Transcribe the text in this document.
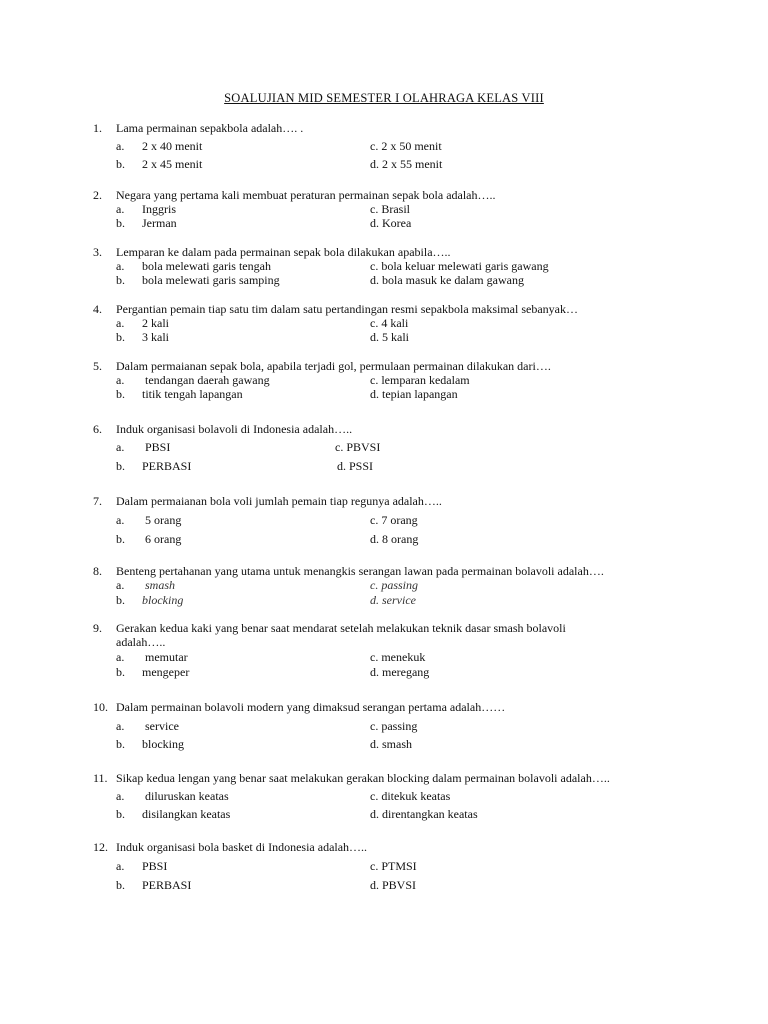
SOALUJIAN MID SEMESTER I OLAHRAGA KELAS VIII
1. Lama permainan sepakbola adalah…. .
a. 2 x 40 menit	c. 2 x 50 menit
b. 2 x 45 menit	d. 2 x 55 menit
2. Negara yang pertama kali membuat peraturan permainan sepak bola adalah…..
a. Inggris	c. Brasil
b. Jerman	d. Korea
3. Lemparan ke dalam pada permainan sepak bola dilakukan apabila…..
a. bola melewati garis tengah	c. bola keluar melewati garis gawang
b. bola melewati garis samping	d. bola masuk ke dalam gawang
4. Pergantian pemain tiap satu tim dalam satu pertandingan resmi sepakbola maksimal sebanyak…
a. 2 kali	c. 4 kali
b. 3 kali	d. 5 kali
5. Dalam permaianan sepak bola, apabila terjadi gol, permulaan permainan dilakukan dari….
a. tendangan daerah gawang	c. lemparan kedalam
b. titik tengah lapangan	d. tepian lapangan
6. Induk organisasi bolavoli di Indonesia adalah…..
a. PBSI	c. PBVSI
b. PERBASI	d. PSSI
7. Dalam permaianan bola voli jumlah pemain tiap regunya adalah…..
a. 5 orang	c. 7 orang
b. 6 orang	d. 8 orang
8. Benteng pertahanan yang utama untuk menangkis serangan lawan pada permainan bolavoli adalah….
a. smash	c. passing
b. blocking	d. service
9. Gerakan kedua kaki yang benar saat mendarat setelah melakukan teknik dasar smash bolavoli
adalah…..
a. memutar	c. menekuk
b. mengeper	d. meregang
10. Dalam permainan bolavoli modern yang dimaksud serangan pertama adalah……
a. service	c. passing
b. blocking	d. smash
11. Sikap kedua lengan yang benar saat melakukan gerakan blocking dalam permainan bolavoli adalah…..
a. diluruskan keatas	c. ditekuk keatas
b. disilangkan keatas	d. direntangkan keatas
12. Induk organisasi bola basket di Indonesia adalah…..
a. PBSI	c. PTMSI
b. PERBASI	d. PBVSI
